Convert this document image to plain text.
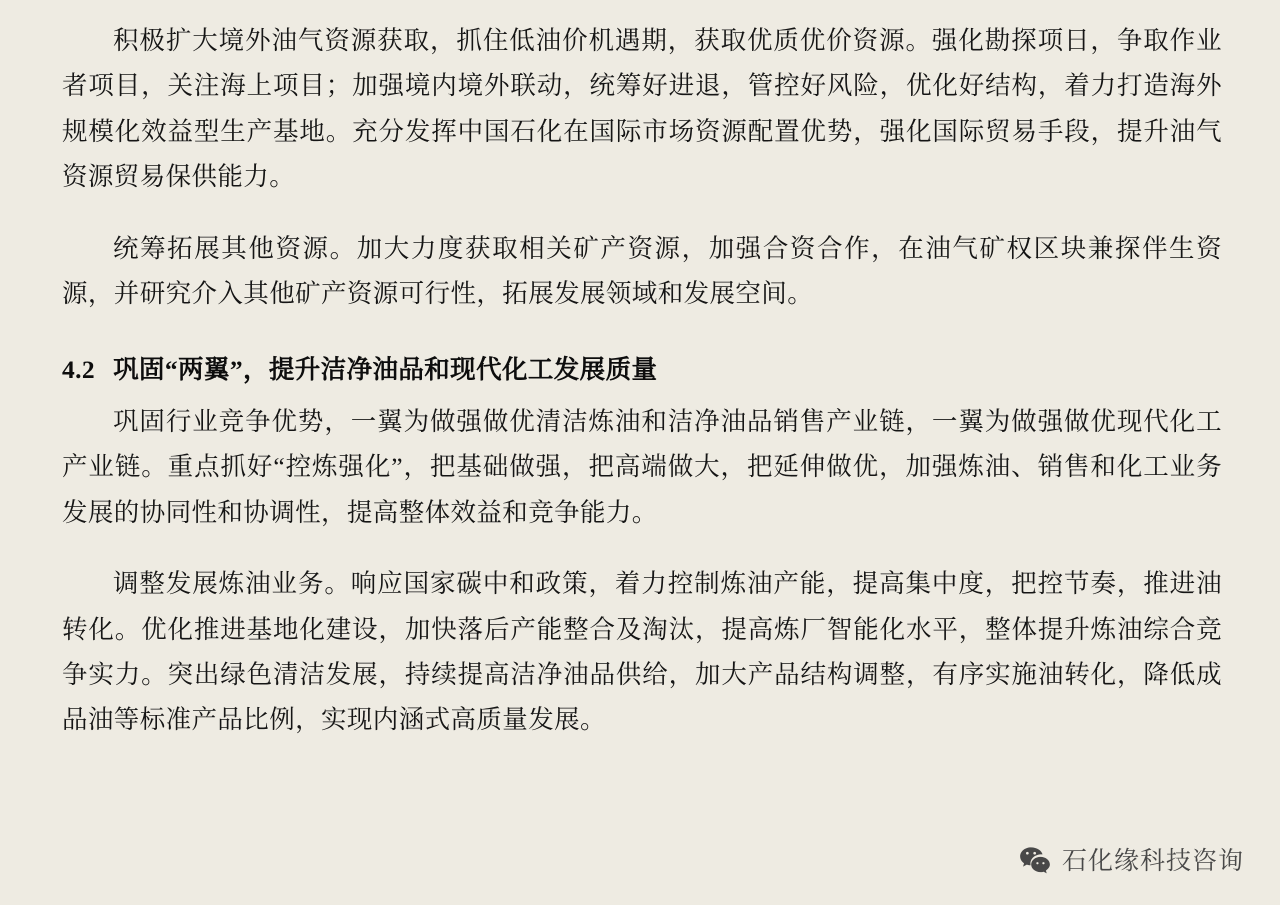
积极扩大境外油气资源获取，抓住低油价机遇期，获取优质优价资源。强化勘探项日，争取作业者项目，关注海上项目；加强境内境外联动，统筹好进退，管控好风险，优化好结构，着力打造海外规模化效益型生产基地。充分发挥中国石化在国际市场资源配置优势，强化国际贸易手段，提升油气资源贸易保供能力。

统筹拓展其他资源。加大力度获取相关矿产资源，加强合资合作，在油气矿权区块兼探伴生资源，并研究介入其他矿产资源可行性，拓展发展领域和发展空间。

4.2 巩固“两翼”，提升洁净油品和现代化工发展质量

巩固行业竞争优势，一翼为做强做优清洁炼油和洁净油品销售产业链，一翼为做强做优现代化工产业链。重点抓好“控炼强化”，把基础做强，把高端做大，把延伸做优，加强炼油、销售和化工业务发展的协同性和协调性，提高整体效益和竞争能力。

调整发展炼油业务。响应国家碳中和政策，着力控制炼油产能，提高集中度，把控节奏，推进油转化。优化推进基地化建设，加快落后产能整合及淘汰，提高炼厂智能化水平，整体提升炼油综合竞争实力。突出绿色清洁发展，持续提高洁净油品供给，加大产品结构调整，有序实施油转化，降低成品油等标准产品比例，实现内涵式高质量发展。

石化缘科技咨询
